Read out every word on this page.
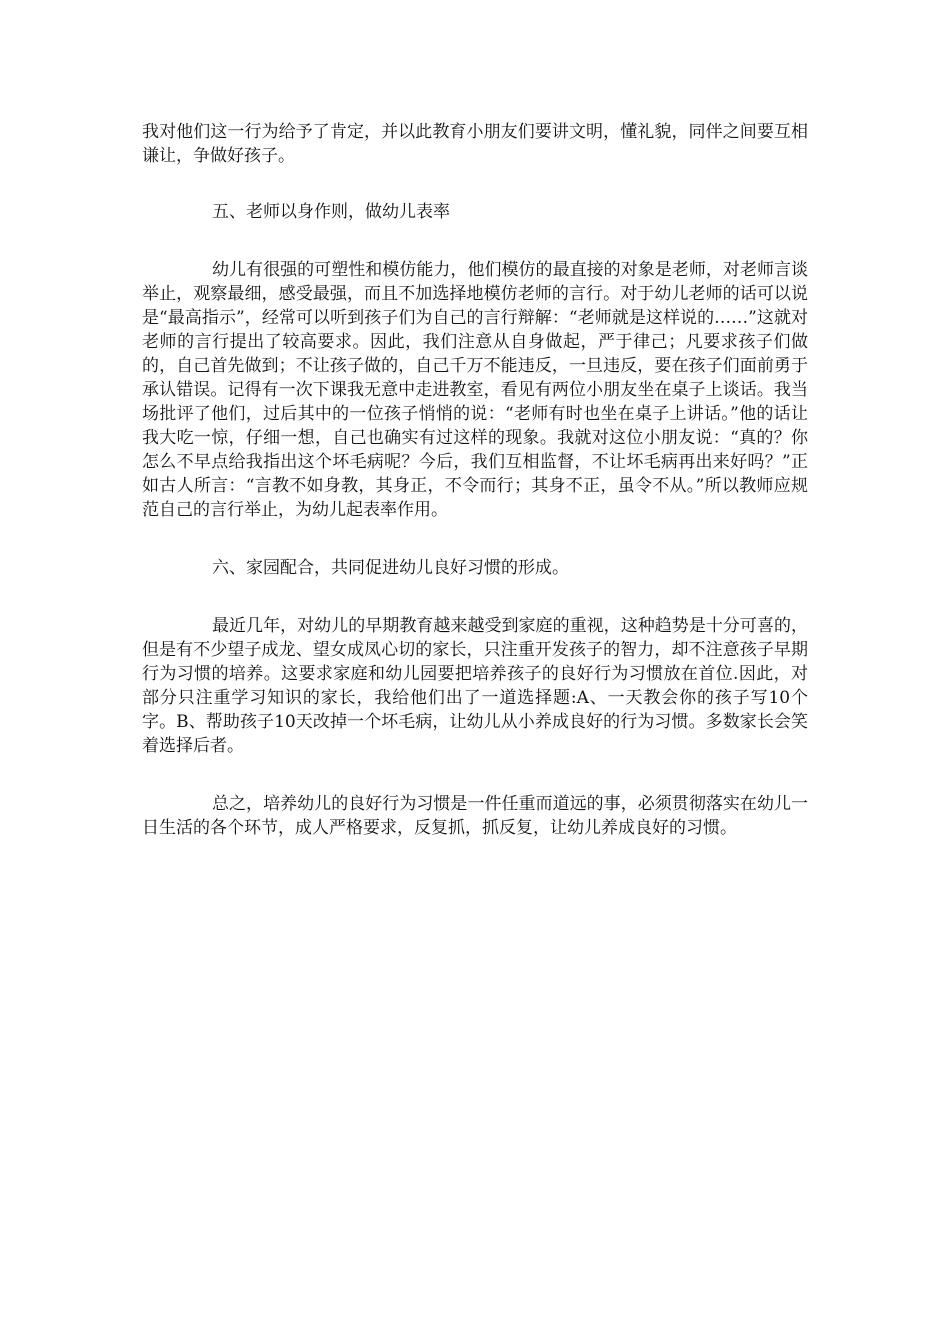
我对他们这一行为给予了肯定，并以此教育小朋友们要讲文明，懂礼貌，同伴之间要互相谦让，争做好孩子。

五、老师以身作则，做幼儿表率

幼儿有很强的可塑性和模仿能力，他们模仿的最直接的对象是老师，对老师言谈举止，观察最细，感受最强，而且不加选择地模仿老师的言行。对于幼儿老师的话可以说是“最高指示”，经常可以听到孩子们为自己的言行辩解：“老师就是这样说的……”这就对老师的言行提出了较高要求。因此，我们注意从自身做起，严于律己；凡要求孩子们做的，自己首先做到；不让孩子做的，自己千万不能违反，一旦违反，要在孩子们面前勇于承认错误。记得有一次下课我无意中走进教室，看见有两位小朋友坐在桌子上谈话。我当场批评了他们，过后其中的一位孩子悄悄的说：“老师有时也坐在桌子上讲话。”他的话让我大吃一惊，仔细一想，自己也确实有过这样的现象。我就对这位小朋友说：“真的？你怎么不早点给我指出这个坏毛病呢？今后，我们互相监督，不让坏毛病再出来好吗？”正如古人所言：“言教不如身教，其身正，不令而行；其身不正，虽令不从。”所以教师应规范自己的言行举止，为幼儿起表率作用。

六、家园配合，共同促进幼儿良好习惯的形成。

最近几年，对幼儿的早期教育越来越受到家庭的重视，这种趋势是十分可喜的，但是有不少望子成龙、望女成凤心切的家长，只注重开发孩子的智力，却不注意孩子早期行为习惯的培养。这要求家庭和幼儿园要把培养孩子的良好行为习惯放在首位.因此，对部分只注重学习知识的家长，我给他们出了一道选择题:A、一天教会你的孩子写10个字。B、帮助孩子10天改掉一个坏毛病，让幼儿从小养成良好的行为习惯。多数家长会笑着选择后者。

总之，培养幼儿的良好行为习惯是一件任重而道远的事，必须贯彻落实在幼儿一日生活的各个环节，成人严格要求，反复抓，抓反复，让幼儿养成良好的习惯。
